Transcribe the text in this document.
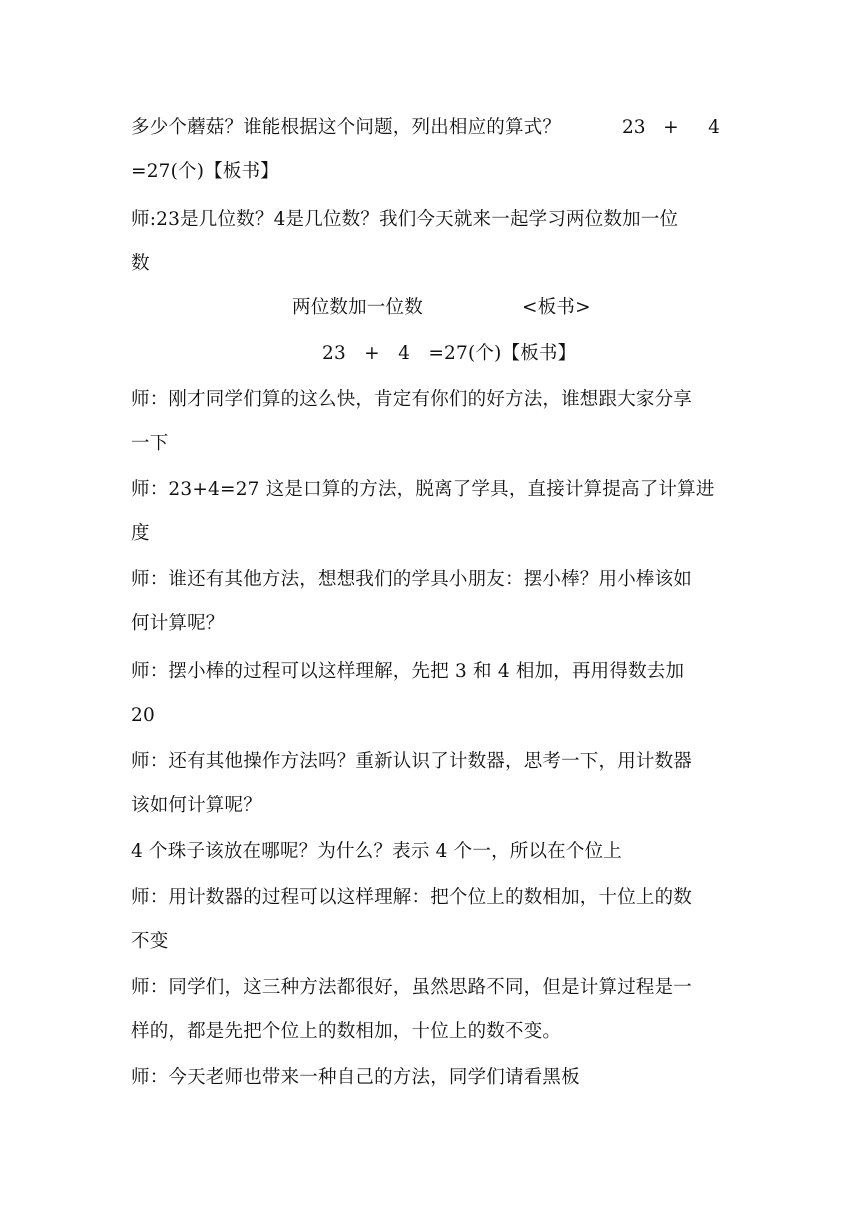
多少个蘑菇？谁能根据这个问题，列出相应的算式？	23   +     4
=27(个)【板书】
师:23是几位数？4是几位数？我们今天就来一起学习两位数加一位
数
两位数加一位数	<板书>
23   +   4   =27(个)【板书】
师：刚才同学们算的这么快，肯定有你们的好方法，谁想跟大家分享
一下
师：23+4=27 这是口算的方法，脱离了学具，直接计算提高了计算进
度
师：谁还有其他方法，想想我们的学具小朋友：摆小棒？用小棒该如
何计算呢？
师：摆小棒的过程可以这样理解，先把 3 和 4 相加，再用得数去加
20
师：还有其他操作方法吗？重新认识了计数器，思考一下，用计数器
该如何计算呢？
4 个珠子该放在哪呢？为什么？表示 4 个一，所以在个位上
师：用计数器的过程可以这样理解：把个位上的数相加，十位上的数
不变
师：同学们，这三种方法都很好，虽然思路不同，但是计算过程是一
样的，都是先把个位上的数相加，十位上的数不变。
师：今天老师也带来一种自己的方法，同学们请看黑板
